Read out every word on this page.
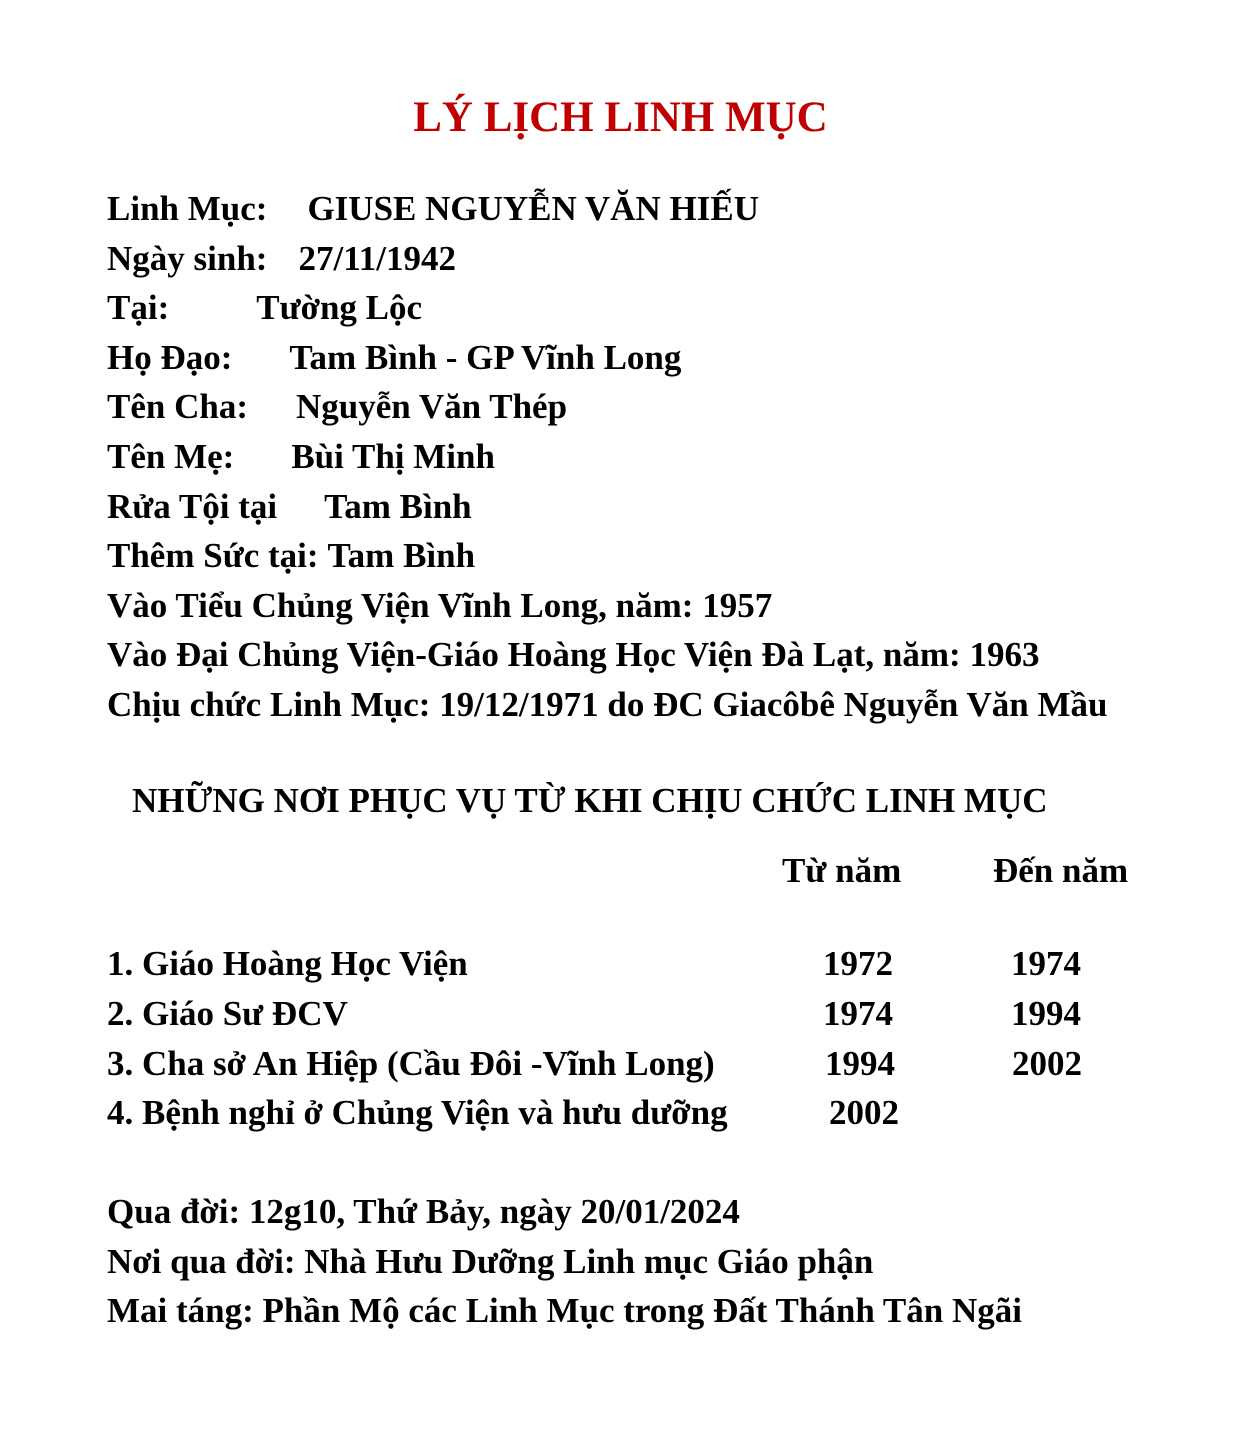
LÝ LỊCH LINH MỤC
Linh Mục: GIUSE NGUYỄN VĂN HIẾU
Ngày sinh: 27/11/1942
Tại: Tường Lộc
Họ Đạo: Tam Bình - GP Vĩnh Long
Tên Cha: Nguyễn Văn Thép
Tên Mẹ: Bùi Thị Minh
Rửa Tội tại Tam Bình
Thêm Sức tại: Tam Bình
Vào Tiểu Chủng Viện Vĩnh Long, năm: 1957
Vào Đại Chủng Viện-Giáo Hoàng Học Viện Đà Lạt, năm: 1963
Chịu chức Linh Mục: 19/12/1971 do ĐC Giacôbê Nguyễn Văn Mầu
NHỮNG NƠI PHỤC VỤ TỪ KHI CHỊU CHỨC LINH MỤC
Từ năm	Đến năm
1. Giáo Hoàng Học Viện	1972	1974
2. Giáo Sư ĐCV	1974	1994
3. Cha sở An Hiệp (Cầu Đôi -Vĩnh Long)	1994	2002
4. Bệnh nghỉ ở Chủng Viện và hưu dưỡng	2002
Qua đời: 12g10, Thứ Bảy, ngày 20/01/2024
Nơi qua đời: Nhà Hưu Dưỡng Linh mục Giáo phận
Mai táng: Phần Mộ các Linh Mục trong Đất Thánh Tân Ngãi
